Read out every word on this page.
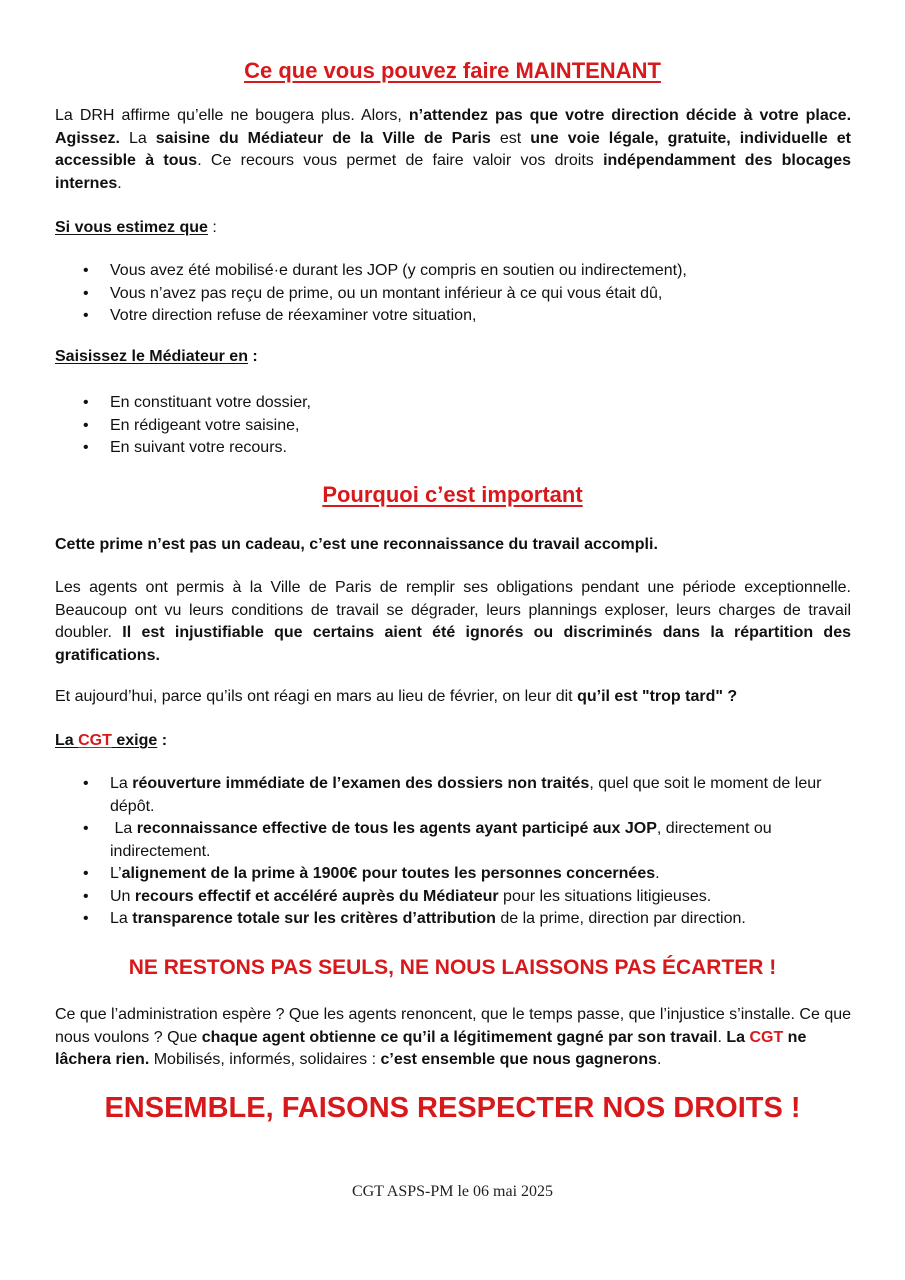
Ce que vous pouvez faire MAINTENANT

La DRH affirme qu’elle ne bougera plus. Alors, n’attendez pas que votre direction décide à votre place. Agissez. La saisine du Médiateur de la Ville de Paris est une voie légale, gratuite, individuelle et accessible à tous. Ce recours vous permet de faire valoir vos droits indépendamment des blocages internes.

Si vous estimez que :

• Vous avez été mobilisé·e durant les JOP (y compris en soutien ou indirectement),
• Vous n’avez pas reçu de prime, ou un montant inférieur à ce qui vous était dû,
• Votre direction refuse de réexaminer votre situation,

Saisissez le Médiateur en :

• En constituant votre dossier,
• En rédigeant votre saisine,
• En suivant votre recours.
Pourquoi c’est important

Cette prime n’est pas un cadeau, c’est une reconnaissance du travail accompli.

Les agents ont permis à la Ville de Paris de remplir ses obligations pendant une période exceptionnelle. Beaucoup ont vu leurs conditions de travail se dégrader, leurs plannings exploser, leurs charges de travail doubler. Il est injustifiable que certains aient été ignorés ou discriminés dans la répartition des gratifications.

Et aujourd’hui, parce qu’ils ont réagi en mars au lieu de février, on leur dit qu’il est "trop tard" ?

La CGT exige :

• La réouverture immédiate de l’examen des dossiers non traités, quel que soit le moment de leur dépôt.
•  La reconnaissance effective de tous les agents ayant participé aux JOP, directement ou indirectement.
• L’alignement de la prime à 1900€ pour toutes les personnes concernées.
• Un recours effectif et accéléré auprès du Médiateur pour les situations litigieuses.
• La transparence totale sur les critères d’attribution de la prime, direction par direction.
NE RESTONS PAS SEULS, NE NOUS LAISSONS PAS ÉCARTER !

Ce que l’administration espère ? Que les agents renoncent, que le temps passe, que l’injustice s’installe. Ce que nous voulons ? Que chaque agent obtienne ce qu’il a légitimement gagné par son travail. La CGT ne lâchera rien. Mobilisés, informés, solidaires : c’est ensemble que nous gagnerons.

ENSEMBLE, FAISONS RESPECTER NOS DROITS !

CGT ASPS-PM le 06 mai 2025
